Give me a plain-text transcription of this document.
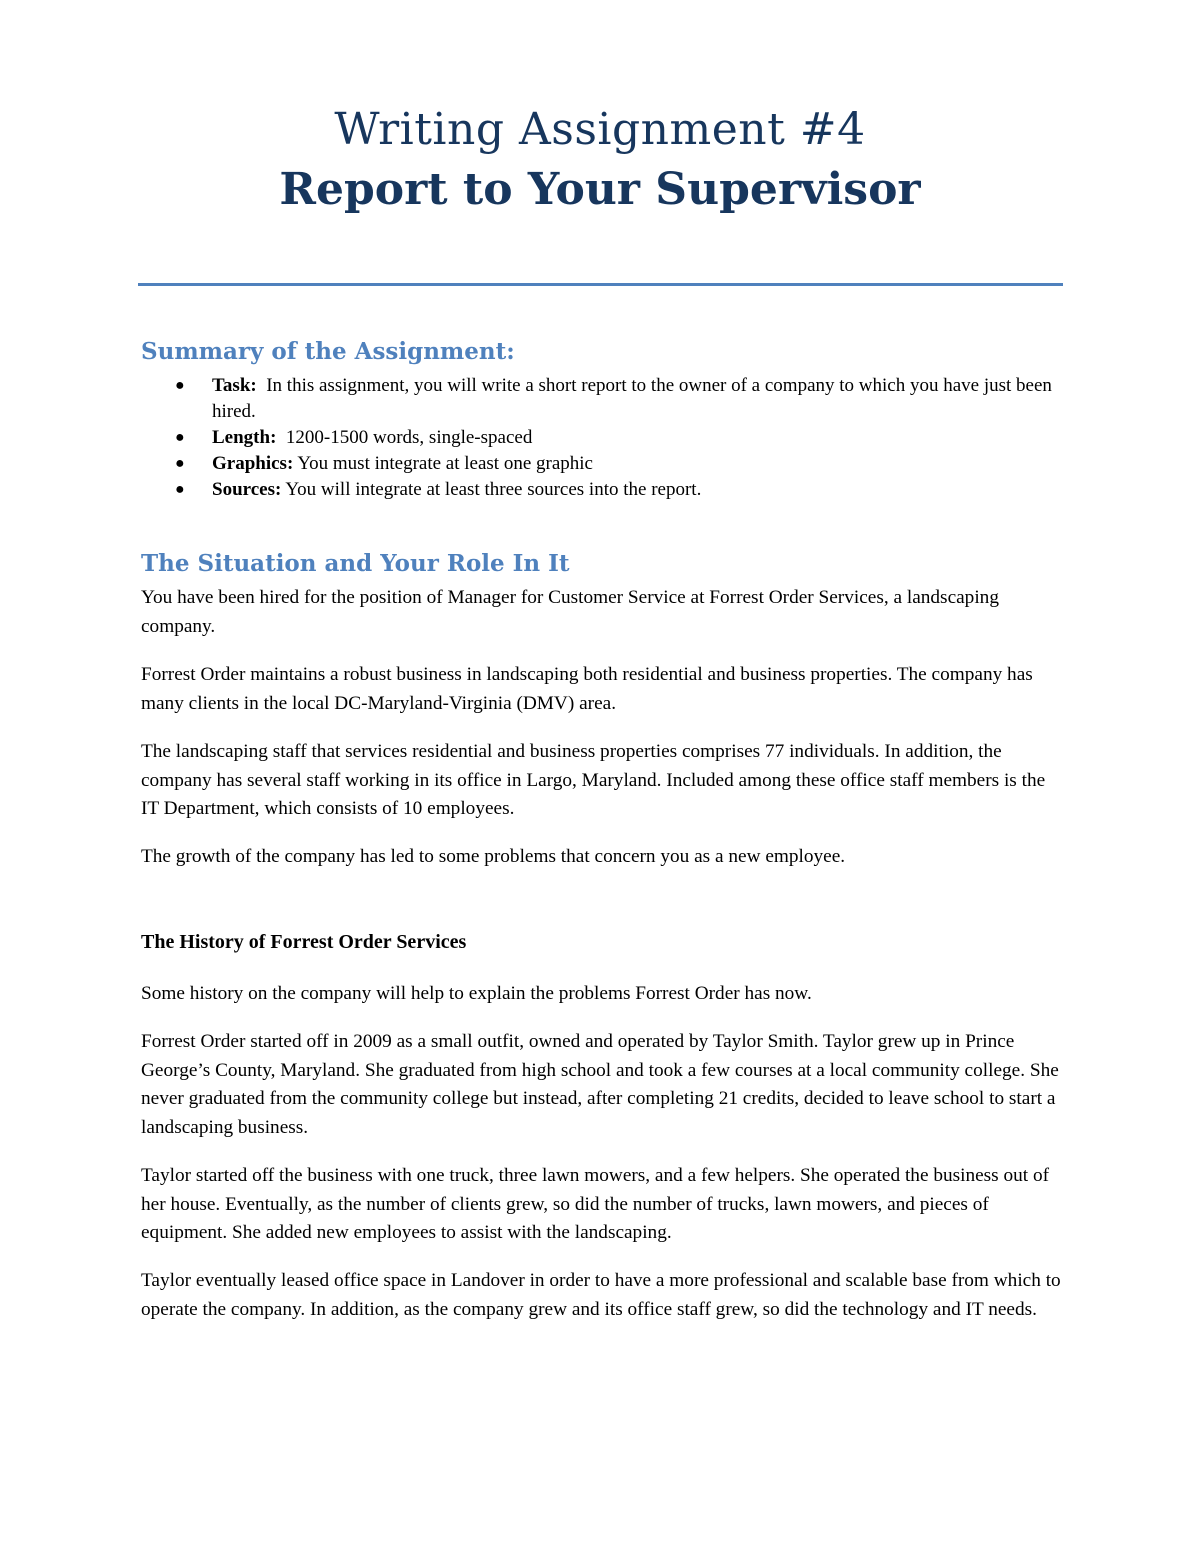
Writing Assignment #4
Report to Your Supervisor
Summary of the Assignment:
● Task:  In this assignment, you will write a short report to the owner of a company to which you have just been hired.
● Length:  1200-1500 words, single-spaced
● Graphics: You must integrate at least one graphic
● Sources: You will integrate at least three sources into the report.
The Situation and Your Role In It

You have been hired for the position of Manager for Customer Service at Forrest Order Services, a landscaping company.

Forrest Order maintains a robust business in landscaping both residential and business properties. The company has many clients in the local DC-Maryland-Virginia (DMV) area.

The landscaping staff that services residential and business properties comprises 77 individuals. In addition, the company has several staff working in its office in Largo, Maryland. Included among these office staff members is the IT Department, which consists of 10 employees.

The growth of the company has led to some problems that concern you as a new employee.

The History of Forrest Order Services

Some history on the company will help to explain the problems Forrest Order has now.

Forrest Order started off in 2009 as a small outfit, owned and operated by Taylor Smith. Taylor grew up in Prince George’s County, Maryland. She graduated from high school and took a few courses at a local community college. She never graduated from the community college but instead, after completing 21 credits, decided to leave school to start a landscaping business.

Taylor started off the business with one truck, three lawn mowers, and a few helpers. She operated the business out of her house. Eventually, as the number of clients grew, so did the number of trucks, lawn mowers, and pieces of equipment. She added new employees to assist with the landscaping.

Taylor eventually leased office space in Landover in order to have a more professional and scalable base from which to operate the company. In addition, as the company grew and its office staff grew, so did the technology and IT needs.
